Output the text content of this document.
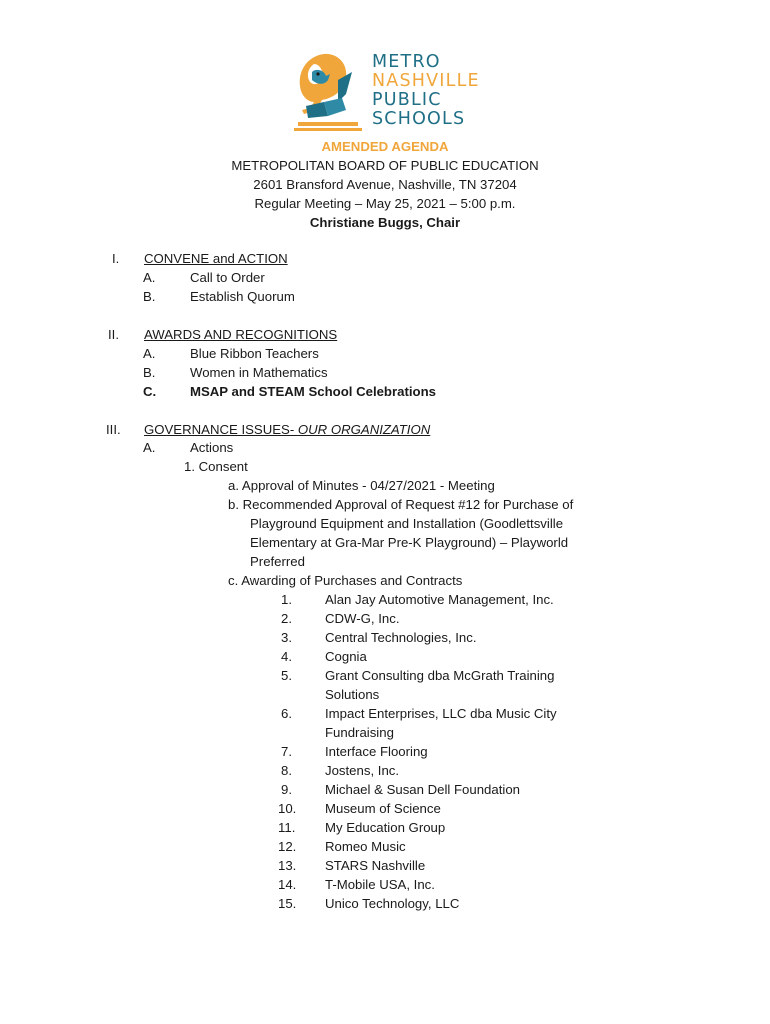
METRO
NASHVILLE
PUBLIC
SCHOOLS
AMENDED AGENDA
METROPOLITAN BOARD OF PUBLIC EDUCATION
2601 Bransford Avenue, Nashville, TN 37204
Regular Meeting – May 25, 2021 – 5:00 p.m.
Christiane Buggs, Chair
I. CONVENE and ACTION
A.	Call to Order
B.	Establish Quorum
II. AWARDS AND RECOGNITIONS
A.	Blue Ribbon Teachers
B.	Women in Mathematics
C.	MSAP and STEAM School Celebrations
III. GOVERNANCE ISSUES- OUR ORGANIZATION
A.	Actions
1. Consent
a. Approval of Minutes - 04/27/2021 - Meeting
b. Recommended Approval of Request #12 for Purchase of
Playground Equipment and Installation (Goodlettsville
Elementary at Gra-Mar Pre-K Playground) – Playworld
Preferred
c. Awarding of Purchases and Contracts
1.	Alan Jay Automotive Management, Inc.
2.	CDW-G, Inc.
3.	Central Technologies, Inc.
4.	Cognia
5.	Grant Consulting dba McGrath Training
Solutions
6.	Impact Enterprises, LLC dba Music City
Fundraising
7.	Interface Flooring
8.	Jostens, Inc.
9.	Michael & Susan Dell Foundation
10. Museum of Science
11. My Education Group
12. Romeo Music
13. STARS Nashville
14. T-Mobile USA, Inc.
15. Unico Technology, LLC
